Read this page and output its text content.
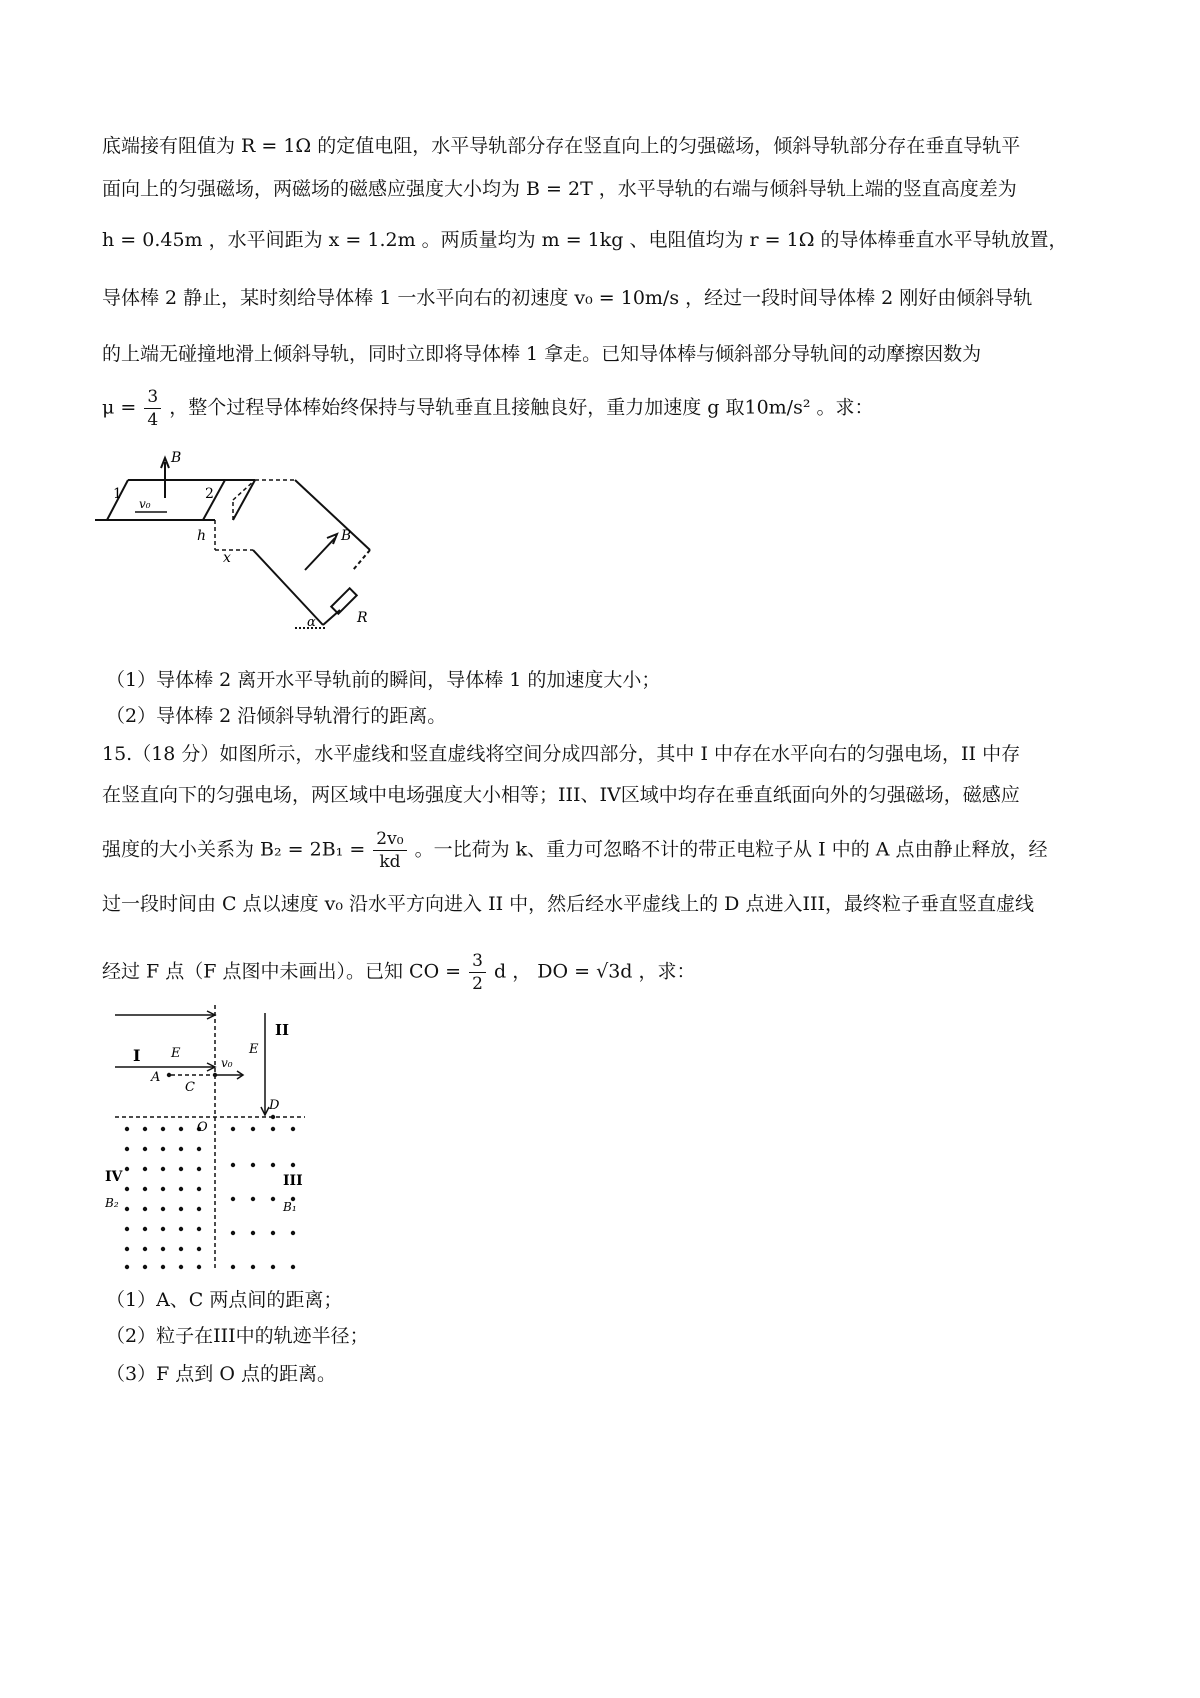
底端接有阻值为 R = 1Ω 的定值电阻，水平导轨部分存在竖直向上的匀强磁场，倾斜导轨部分存在垂直导轨平
面向上的匀强磁场，两磁场的磁感应强度大小均为 B = 2T ，水平导轨的右端与倾斜导轨上端的竖直高度差为
h = 0.45m ，水平间距为 x = 1.2m 。两质量均为 m = 1kg 、电阻值均为 r = 1Ω 的导体棒垂直水平导轨放置，
导体棒 2 静止，某时刻给导体棒 1 一水平向右的初速度 v₀ = 10m/s ，经过一段时间导体棒 2 刚好由倾斜导轨
的上端无碰撞地滑上倾斜导轨，同时立即将导体棒 1 拿走。已知导体棒与倾斜部分导轨间的动摩擦因数为
$\mu = \frac{3}{4}$ ，整个过程导体棒始终保持与导轨垂直且接触良好，重力加速度 g 取10m/s² 。求：
B
1	2
v₀
h
x
B
α	R
（1）导体棒 2 离开水平导轨前的瞬间，导体棒 1 的加速度大小；
（2）导体棒 2 沿倾斜导轨滑行的距离。
15.（18 分）如图所示，水平虚线和竖直虚线将空间分成四部分，其中 I 中存在水平向右的匀强电场，II 中存
在竖直向下的匀强电场，两区域中电场强度大小相等；III、IV区域中均存在垂直纸面向外的匀强磁场，磁感应
强度的大小关系为 $B_2 = 2B_1 = \frac{\text{2v₀}}{kd}$ 。一比荷为 k、重力可忽略不计的带正电粒子从 I 中的 A 点由静止释放，经
过一段时间由 C 点以速度 v₀ 沿水平方向进入 II 中，然后经水平虚线上的 D 点进入III，最终粒子垂直竖直虚线
经过 F 点（F 点图中未画出）。已知 CO = $\frac{3}{2}$ d ， DO = √3d ，求：
I E
v₀
A
C
E
II
D
O
IV
B₂
III
B₁
（1）A、C 两点间的距离；
（2）粒子在III中的轨迹半径；
（3）F 点到 O 点的距离。
